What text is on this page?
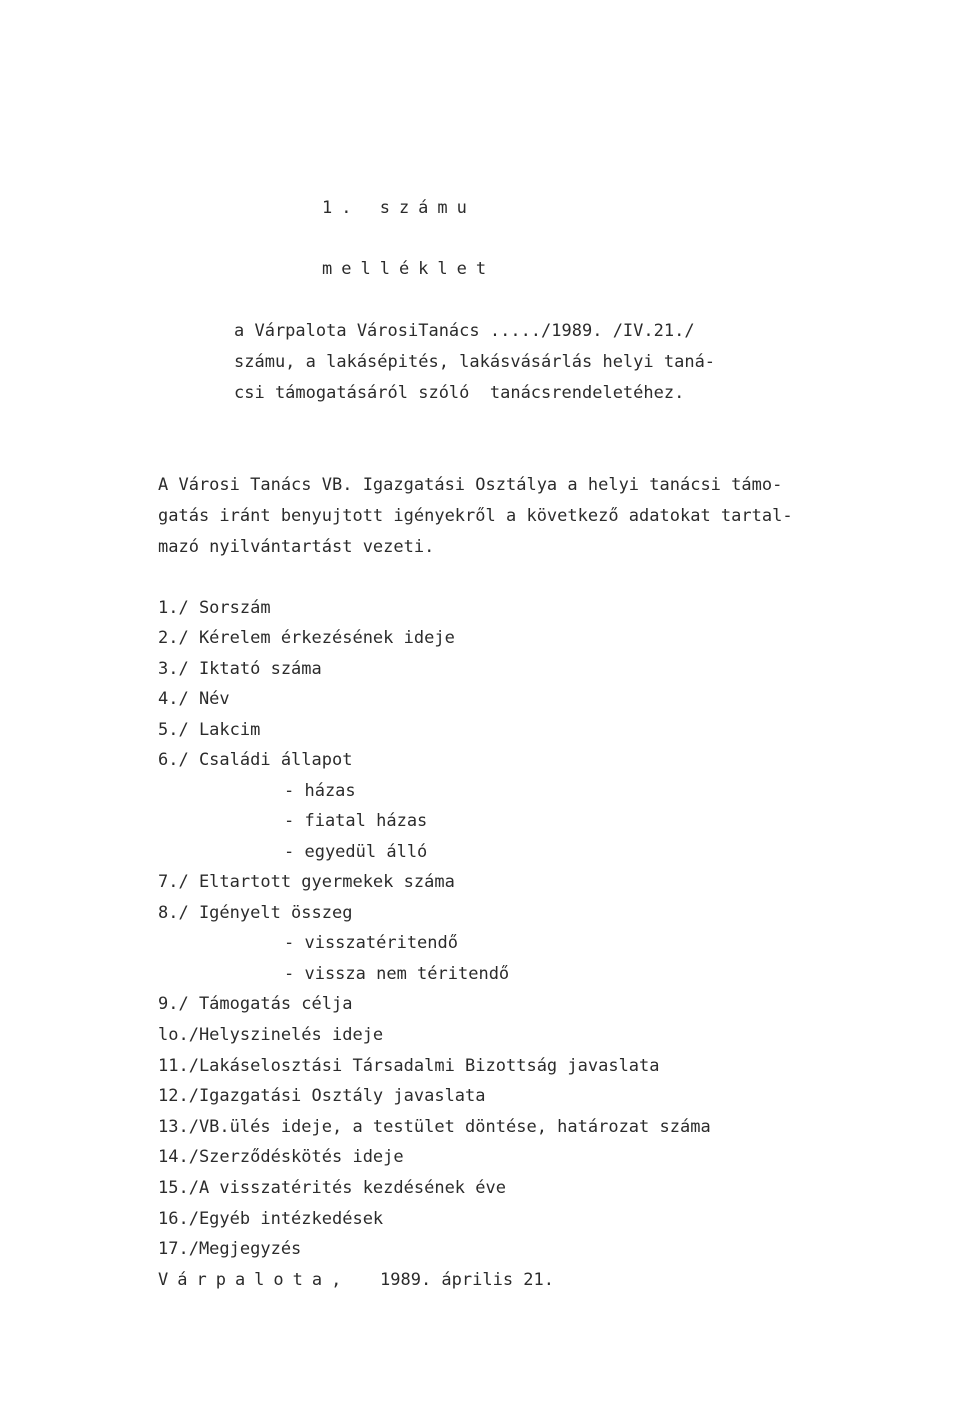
1. számu
melléklet
a Várpalota VárosiTanács ...../1989. /IV.21./
számu, a lakásépités, lakásvásárlás helyi taná-
csi támogatásáról szóló  tanácsrendeletéhez.
A Városi Tanács VB. Igazgatási Osztálya a helyi tanácsi támo-
gatás iránt benyujtott igényekről a következő adatokat tartal-
mazó nyilvántartást vezeti.
1./ Sorszám
2./ Kérelem érkezésének ideje
3./ Iktató száma
4./ Név
5./ Lakcim
6./ Családi állapot
- házas
- fiatal házas
- egyedül álló
7./ Eltartott gyermekek száma
8./ Igényelt összeg
- visszatéritendő
- vissza nem téritendő
9./ Támogatás célja
lo./Helyszinelés ideje
11./Lakáselosztási Társadalmi Bizottság javaslata
12./Igazgatási Osztály javaslata
13./VB.ülés ideje, a testület döntése, határozat száma
14./Szerződéskötés ideje
15./A visszatérités kezdésének éve
16./Egyéb intézkedések
17./Megjegyzés
Várpalota, 1989. április 21.
